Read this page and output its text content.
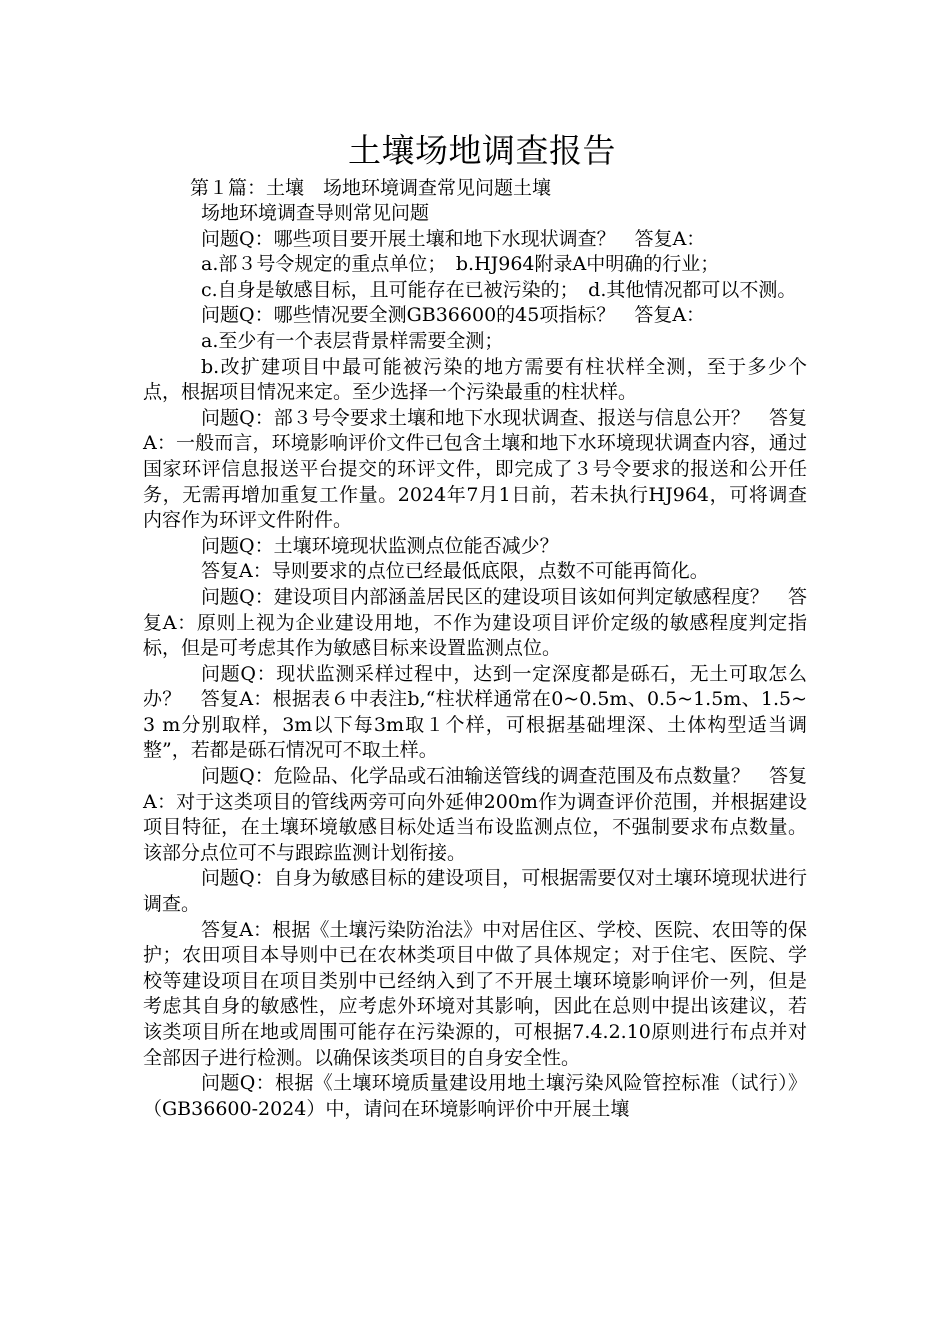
土壤场地调查报告

第１篇：土壤　场地环境调查常见问题土壤

场地环境调查导则常见问题

问题Q：哪些项目要开展土壤和地下水现状调查？　答复A：

a.部３号令规定的重点单位；　b.HJ964附录A中明确的行业；

c.自身是敏感目标，且可能存在已被污染的；　d.其他情况都可以不测。

问题Q：哪些情况要全测GB36600的45项指标？　答复A：

a.至少有一个表层背景样需要全测；

b.改扩建项目中最可能被污染的地方需要有柱状样全测，至于多少个点，根据项目情况来定。至少选择一个污染最重的柱状样。

问题Q：部３号令要求土壤和地下水现状调查、报送与信息公开？　答复A：一般而言，环境影响评价文件已包含土壤和地下水环境现状调查内容，通过国家环评信息报送平台提交的环评文件，即完成了３号令要求的报送和公开任务，无需再增加重复工作量。2024年7月1日前，若未执行HJ964，可将调查内容作为环评文件附件。

问题Q：土壤环境现状监测点位能否减少？

答复A：导则要求的点位已经最低底限，点数不可能再简化。

问题Q：建设项目内部涵盖居民区的建设项目该如何判定敏感程度？　答复A：原则上视为企业建设用地，不作为建设项目评价定级的敏感程度判定指标，但是可考虑其作为敏感目标来设置监测点位。

问题Q：现状监测采样过程中，达到一定深度都是砾石，无土可取怎么办？　答复A：根据表６中表注b,“柱状样通常在0~0.5m、0.5~1.5m、1.5~3 m分别取样，3m以下每3m取１个样，可根据基础埋深、土体构型适当调整”，若都是砾石情况可不取土样。

问题Q：危险品、化学品或石油输送管线的调查范围及布点数量？　答复A：对于这类项目的管线两旁可向外延伸200m作为调查评价范围，并根据建设项目特征，在土壤环境敏感目标处适当布设监测点位，不强制要求布点数量。该部分点位可不与跟踪监测计划衔接。

问题Q：自身为敏感目标的建设项目，可根据需要仅对土壤环境现状进行调查。

答复A：根据《土壤污染防治法》中对居住区、学校、医院、农田等的保护；农田项目本导则中已在农林类项目中做了具体规定；对于住宅、医院、学校等建设项目在项目类别中已经纳入到了不开展土壤环境影响评价一列，但是考虑其自身的敏感性，应考虑外环境对其影响，因此在总则中提出该建议，若该类项目所在地或周围可能存在污染源的，可根据7.4.2.10原则进行布点并对全部因子进行检测。以确保该类项目的自身安全性。

问题Q：根据《土壤环境质量建设用地土壤污染风险管控标准（试行）》（GB36600-2024）中，请问在环境影响评价中开展土壤
